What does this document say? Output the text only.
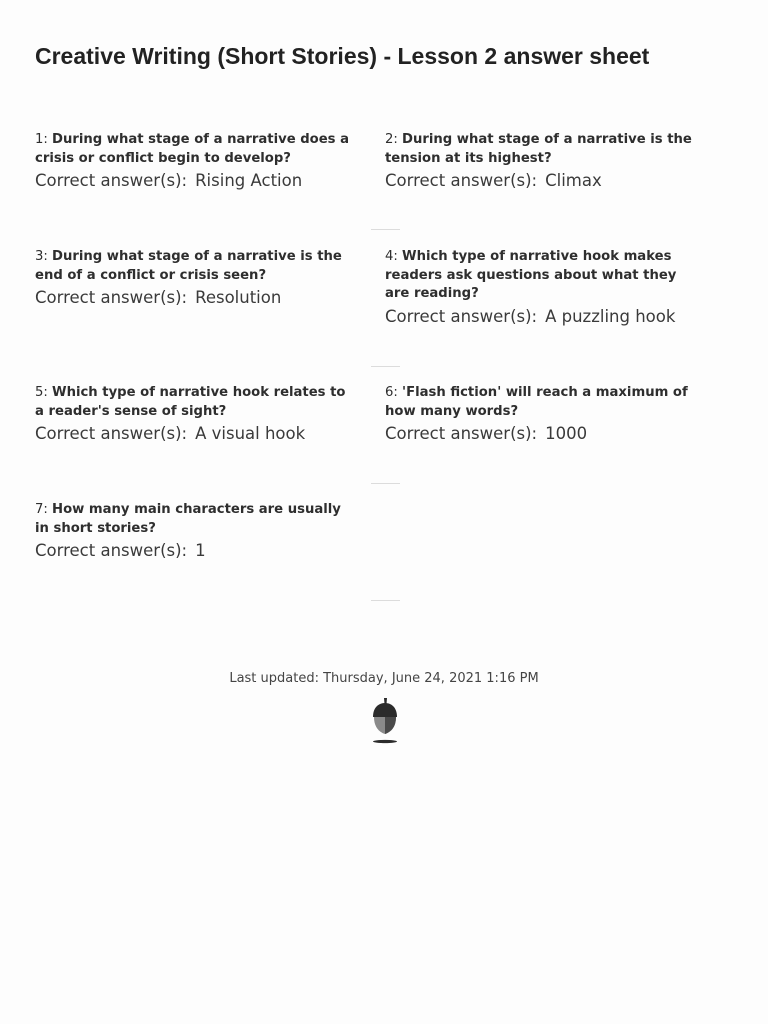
Creative Writing (Short Stories) - Lesson 2 answer sheet
1: During what stage of a narrative does a crisis or conflict begin to develop?
Correct answer(s): Rising Action
2: During what stage of a narrative is the tension at its highest?
Correct answer(s): Climax
3: During what stage of a narrative is the end of a conflict or crisis seen?
Correct answer(s): Resolution
4: Which type of narrative hook makes readers ask questions about what they are reading?
Correct answer(s): A puzzling hook
5: Which type of narrative hook relates to a reader's sense of sight?
Correct answer(s): A visual hook
6: 'Flash fiction' will reach a maximum of how many words?
Correct answer(s): 1000
7: How many main characters are usually in short stories?
Correct answer(s): 1
Last updated: Thursday, June 24, 2021 1:16 PM
